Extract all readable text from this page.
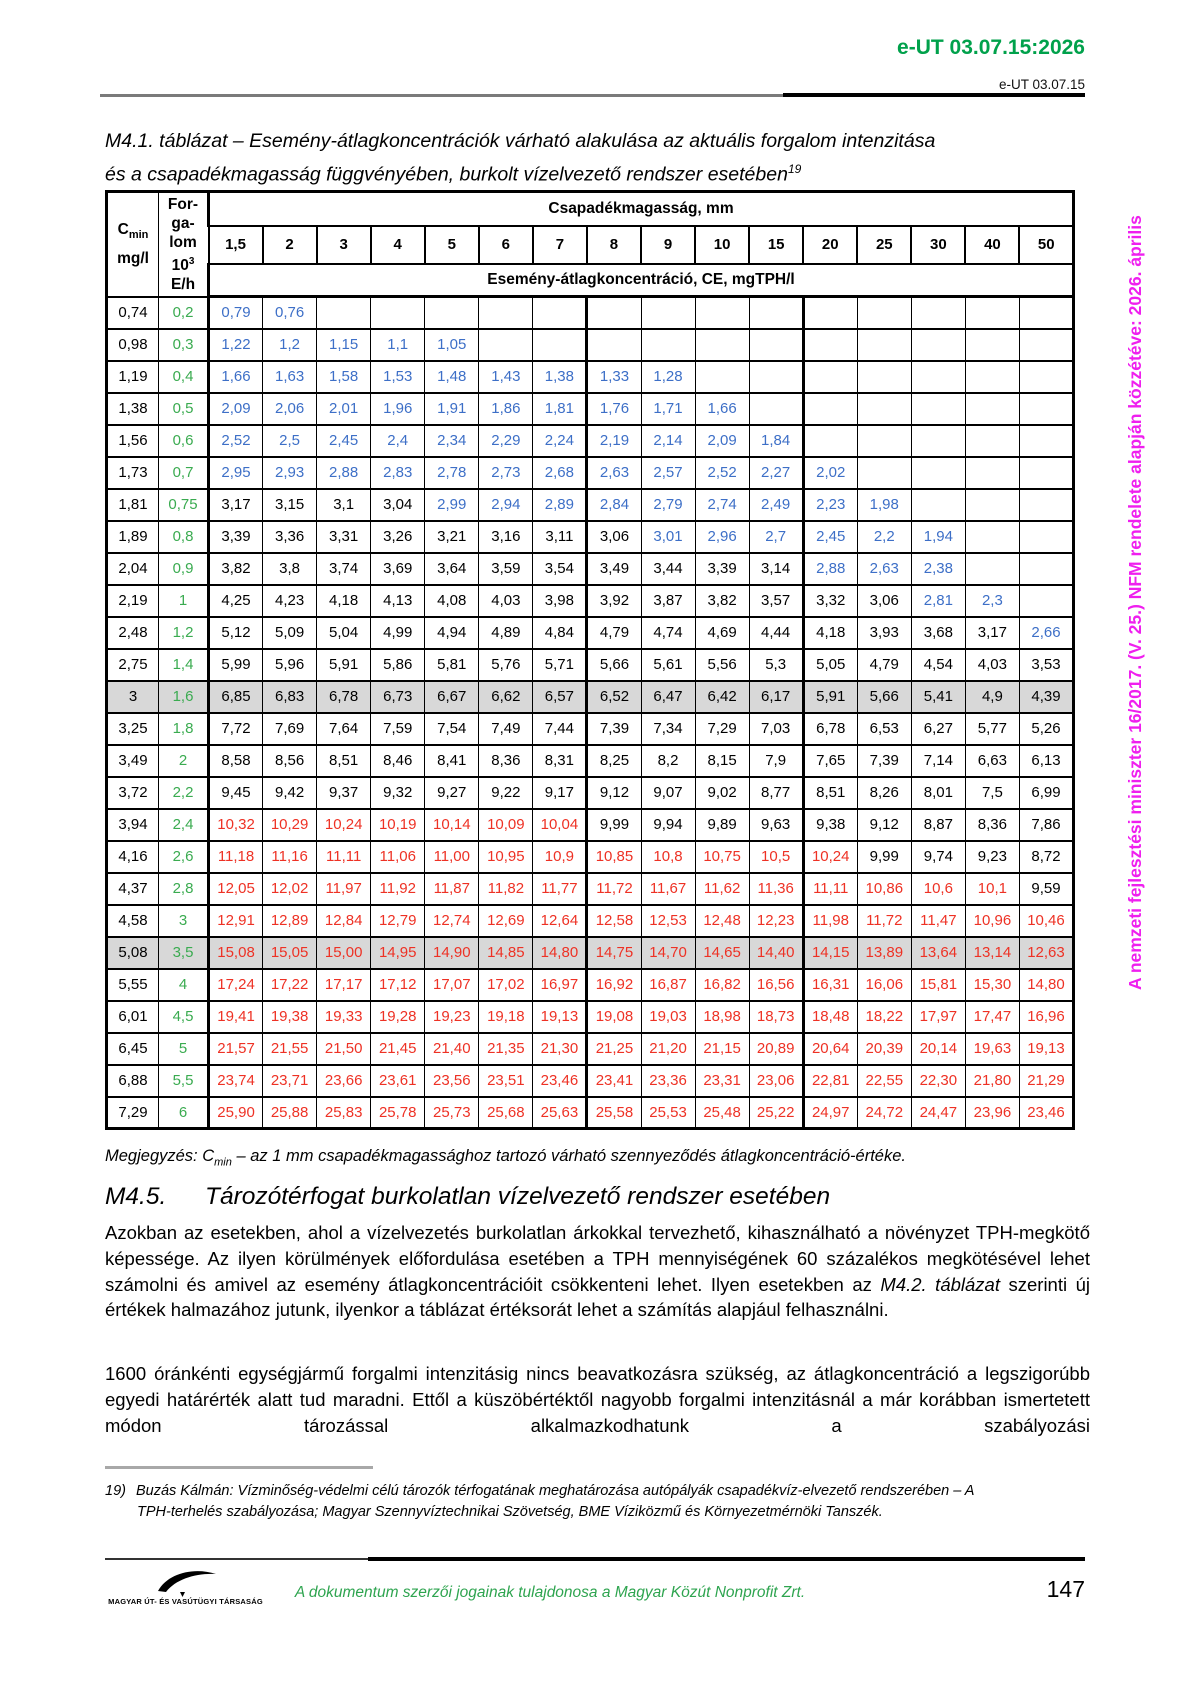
e-UT 03.07.15:2026
e-UT 03.07.15
M4.1. táblázat – Esemény-átlagkoncentrációk várható alakulása az aktuális forgalom intenzitása
és a csapadékmagasság függvényében, burkolt vízelvezető rendszer esetében$^{19}$
$C_{min}$
mg/l	For-
ga-
lom
$10^3$
E/h	Csapadékmagasság, mm															
		1,5	2	3	4	5	6	7	8	9	10	15	20	25	30	40	50
		Esemény-átlagkoncentráció, CE, mgTPH/l															
0,74	0,2	0,79	0,76														
0,98	0,3	1,22	1,2	1,15	1,1	1,05											
1,19	0,4	1,66	1,63	1,58	1,53	1,48	1,43	1,38	1,33	1,28							
1,38	0,5	2,09	2,06	2,01	1,96	1,91	1,86	1,81	1,76	1,71	1,66						
1,56	0,6	2,52	2,5	2,45	2,4	2,34	2,29	2,24	2,19	2,14	2,09	1,84					
1,73	0,7	2,95	2,93	2,88	2,83	2,78	2,73	2,68	2,63	2,57	2,52	2,27	2,02				
1,81	0,75	3,17	3,15	3,1	3,04	2,99	2,94	2,89	2,84	2,79	2,74	2,49	2,23	1,98			
1,89	0,8	3,39	3,36	3,31	3,26	3,21	3,16	3,11	3,06	3,01	2,96	2,7	2,45	2,2	1,94		
2,04	0,9	3,82	3,8	3,74	3,69	3,64	3,59	3,54	3,49	3,44	3,39	3,14	2,88	2,63	2,38		
2,19	1	4,25	4,23	4,18	4,13	4,08	4,03	3,98	3,92	3,87	3,82	3,57	3,32	3,06	2,81	2,3	
2,48	1,2	5,12	5,09	5,04	4,99	4,94	4,89	4,84	4,79	4,74	4,69	4,44	4,18	3,93	3,68	3,17	2,66
2,75	1,4	5,99	5,96	5,91	5,86	5,81	5,76	5,71	5,66	5,61	5,56	5,3	5,05	4,79	4,54	4,03	3,53
3	1,6	6,85	6,83	6,78	6,73	6,67	6,62	6,57	6,52	6,47	6,42	6,17	5,91	5,66	5,41	4,9	4,39
3,25	1,8	7,72	7,69	7,64	7,59	7,54	7,49	7,44	7,39	7,34	7,29	7,03	6,78	6,53	6,27	5,77	5,26
3,49	2	8,58	8,56	8,51	8,46	8,41	8,36	8,31	8,25	8,2	8,15	7,9	7,65	7,39	7,14	6,63	6,13
3,72	2,2	9,45	9,42	9,37	9,32	9,27	9,22	9,17	9,12	9,07	9,02	8,77	8,51	8,26	8,01	7,5	6,99
3,94	2,4	10,32	10,29	10,24	10,19	10,14	10,09	10,04	9,99	9,94	9,89	9,63	9,38	9,12	8,87	8,36	7,86
4,16	2,6	11,18	11,16	11,11	11,06	11,00	10,95	10,9	10,85	10,8	10,75	10,5	10,24	9,99	9,74	9,23	8,72
4,37	2,8	12,05	12,02	11,97	11,92	11,87	11,82	11,77	11,72	11,67	11,62	11,36	11,11	10,86	10,6	10,1	9,59
4,58	3	12,91	12,89	12,84	12,79	12,74	12,69	12,64	12,58	12,53	12,48	12,23	11,98	11,72	11,47	10,96	10,46
5,08	3,5	15,08	15,05	15,00	14,95	14,90	14,85	14,80	14,75	14,70	14,65	14,40	14,15	13,89	13,64	13,14	12,63
5,55	4	17,24	17,22	17,17	17,12	17,07	17,02	16,97	16,92	16,87	16,82	16,56	16,31	16,06	15,81	15,30	14,80
6,01	4,5	19,41	19,38	19,33	19,28	19,23	19,18	19,13	19,08	19,03	18,98	18,73	18,48	18,22	17,97	17,47	16,96
6,45	5	21,57	21,55	21,50	21,45	21,40	21,35	21,30	21,25	21,20	21,15	20,89	20,64	20,39	20,14	19,63	19,13
6,88	5,5	23,74	23,71	23,66	23,61	23,56	23,51	23,46	23,41	23,36	23,31	23,06	22,81	22,55	22,30	21,80	21,29
7,29	6	25,90	25,88	25,83	25,78	25,73	25,68	25,63	25,58	25,53	25,48	25,22	24,97	24,72	24,47	23,96	23,46
Megjegyzés: $C_{min}$ – az 1 mm csapadékmagassághoz tartozó várható szennyeződés átlagkoncentráció-értéke.
M4.5.	Tározótérfogat burkolatlan vízelvezető rendszer esetében

Azokban az esetekben, ahol a vízelvezetés burkolatlan árkokkal tervezhető, kihasználható a növényzet TPH-megkötő képessége. Az ilyen körülmények előfordulása esetében a TPH mennyiségének 60 százalékos megkötésével lehet számolni és amivel az esemény átlagkoncentrációit csökkenteni lehet. Ilyen esetekben az M4.2. táblázat szerinti új értékek halmazához jutunk, ilyenkor a táblázat értéksorát lehet a számítás alapjául felhasználni.

1600 óránkénti egységjármű forgalmi intenzitásig nincs beavatkozásra szükség, az átlagkoncentráció a legszigorúbb egyedi határérték alatt tud maradni. Ettől a küszöbértéktől nagyobb forgalmi intenzitásnál a már korábban ismertetett módon tározással alkalmazkodhatunk a szabályozási

19) Buzás Kálmán: Vízminőség-védelmi célú tározók térfogatának meghatározása autópályák csapadékvíz-elvezető rendszerében – A TPH-terhelés szabályozása; Magyar Szennyvíztechnikai Szövetség, BME Víziközmű és Környezetmérnöki Tanszék.
MAGYAR ÚT- ÉS VASÚTÜGYI TÁRSASÁG
A dokumentum szerzői jogainak tulajdonosa a Magyar Közút Nonprofit Zrt.	147
A nemzeti fejlesztési miniszter 16/2017. (V. 25.) NFM rendelete alapján közzétéve: 2026. április
